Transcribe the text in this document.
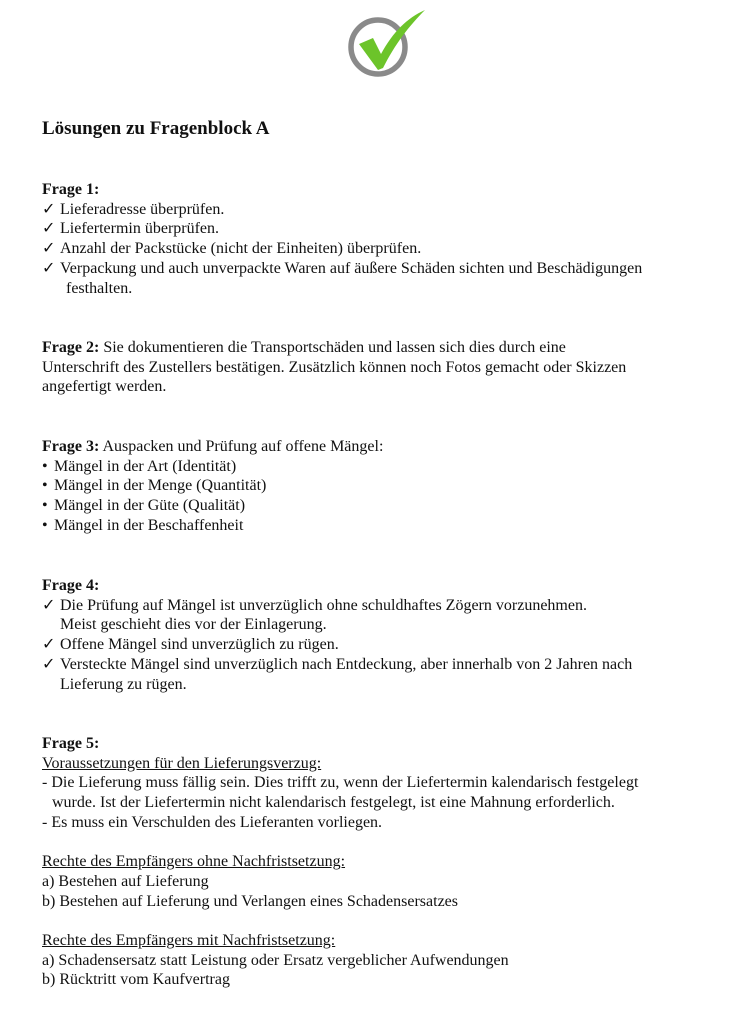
Lösungen zu Fragenblock A
Frage 1:
✓ Lieferadresse überprüfen.
✓ Liefertermin überprüfen.
✓ Anzahl der Packstücke (nicht der Einheiten) überprüfen.
✓ Verpackung und auch unverpackte Waren auf äußere Schäden sichten und Beschädigungen
festhalten.
Frage 2: Sie dokumentieren die Transportschäden und lassen sich dies durch eine
Unterschrift des Zustellers bestätigen. Zusätzlich können noch Fotos gemacht oder Skizzen
angefertigt werden.
Frage 3: Auspacken und Prüfung auf offene Mängel:
• Mängel in der Art (Identität)
• Mängel in der Menge (Quantität)
• Mängel in der Güte (Qualität)
• Mängel in der Beschaffenheit
Frage 4:
✓ Die Prüfung auf Mängel ist unverzüglich ohne schuldhaftes Zögern vorzunehmen.
Meist geschieht dies vor der Einlagerung.
✓ Offene Mängel sind unverzüglich zu rügen.
✓ Versteckte Mängel sind unverzüglich nach Entdeckung, aber innerhalb von 2 Jahren nach
Lieferung zu rügen.
Frage 5:
Voraussetzungen für den Lieferungsverzug:
- Die Lieferung muss fällig sein. Dies trifft zu, wenn der Liefertermin kalendarisch festgelegt
wurde. Ist der Liefertermin nicht kalendarisch festgelegt, ist eine Mahnung erforderlich.
- Es muss ein Verschulden des Lieferanten vorliegen.
Rechte des Empfängers ohne Nachfristsetzung:
a) Bestehen auf Lieferung
b) Bestehen auf Lieferung und Verlangen eines Schadensersatzes
Rechte des Empfängers mit Nachfristsetzung:
a) Schadensersatz statt Leistung oder Ersatz vergeblicher Aufwendungen
b) Rücktritt vom Kaufvertrag
